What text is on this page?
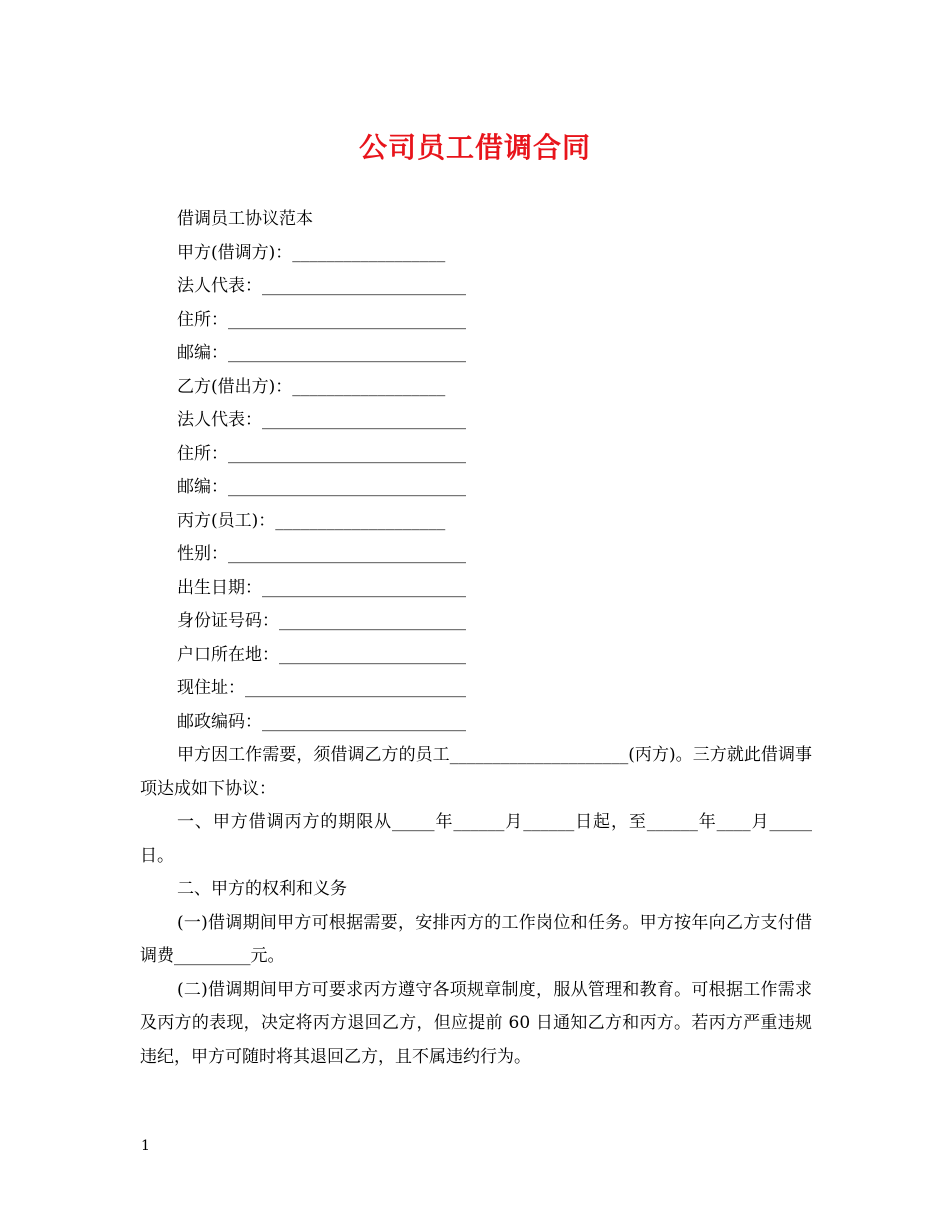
公司员工借调合同
借调员工协议范本
甲方(借调方)：__________________
法人代表：________________________
住所：____________________________
邮编：____________________________
乙方(借出方)：__________________
法人代表：________________________
住所：____________________________
邮编：____________________________
丙方(员工)：____________________
性别：____________________________
出生日期：________________________
身份证号码：______________________
户口所在地：______________________
现住址：__________________________
邮政编码：________________________

甲方因工作需要，须借调乙方的员工_____________________(丙方)。三方就此借调事项达成如下协议：

一、甲方借调丙方的期限从_____年______月______日起，至______年____月_____日。

二、甲方的权利和义务

(一)借调期间甲方可根据需要，安排丙方的工作岗位和任务。甲方按年向乙方支付借调费_________元。

(二)借调期间甲方可要求丙方遵守各项规章制度，服从管理和教育。可根据工作需求及丙方的表现，决定将丙方退回乙方，但应提前 60 日通知乙方和丙方。若丙方严重违规违纪，甲方可随时将其退回乙方，且不属违约行为。

1
